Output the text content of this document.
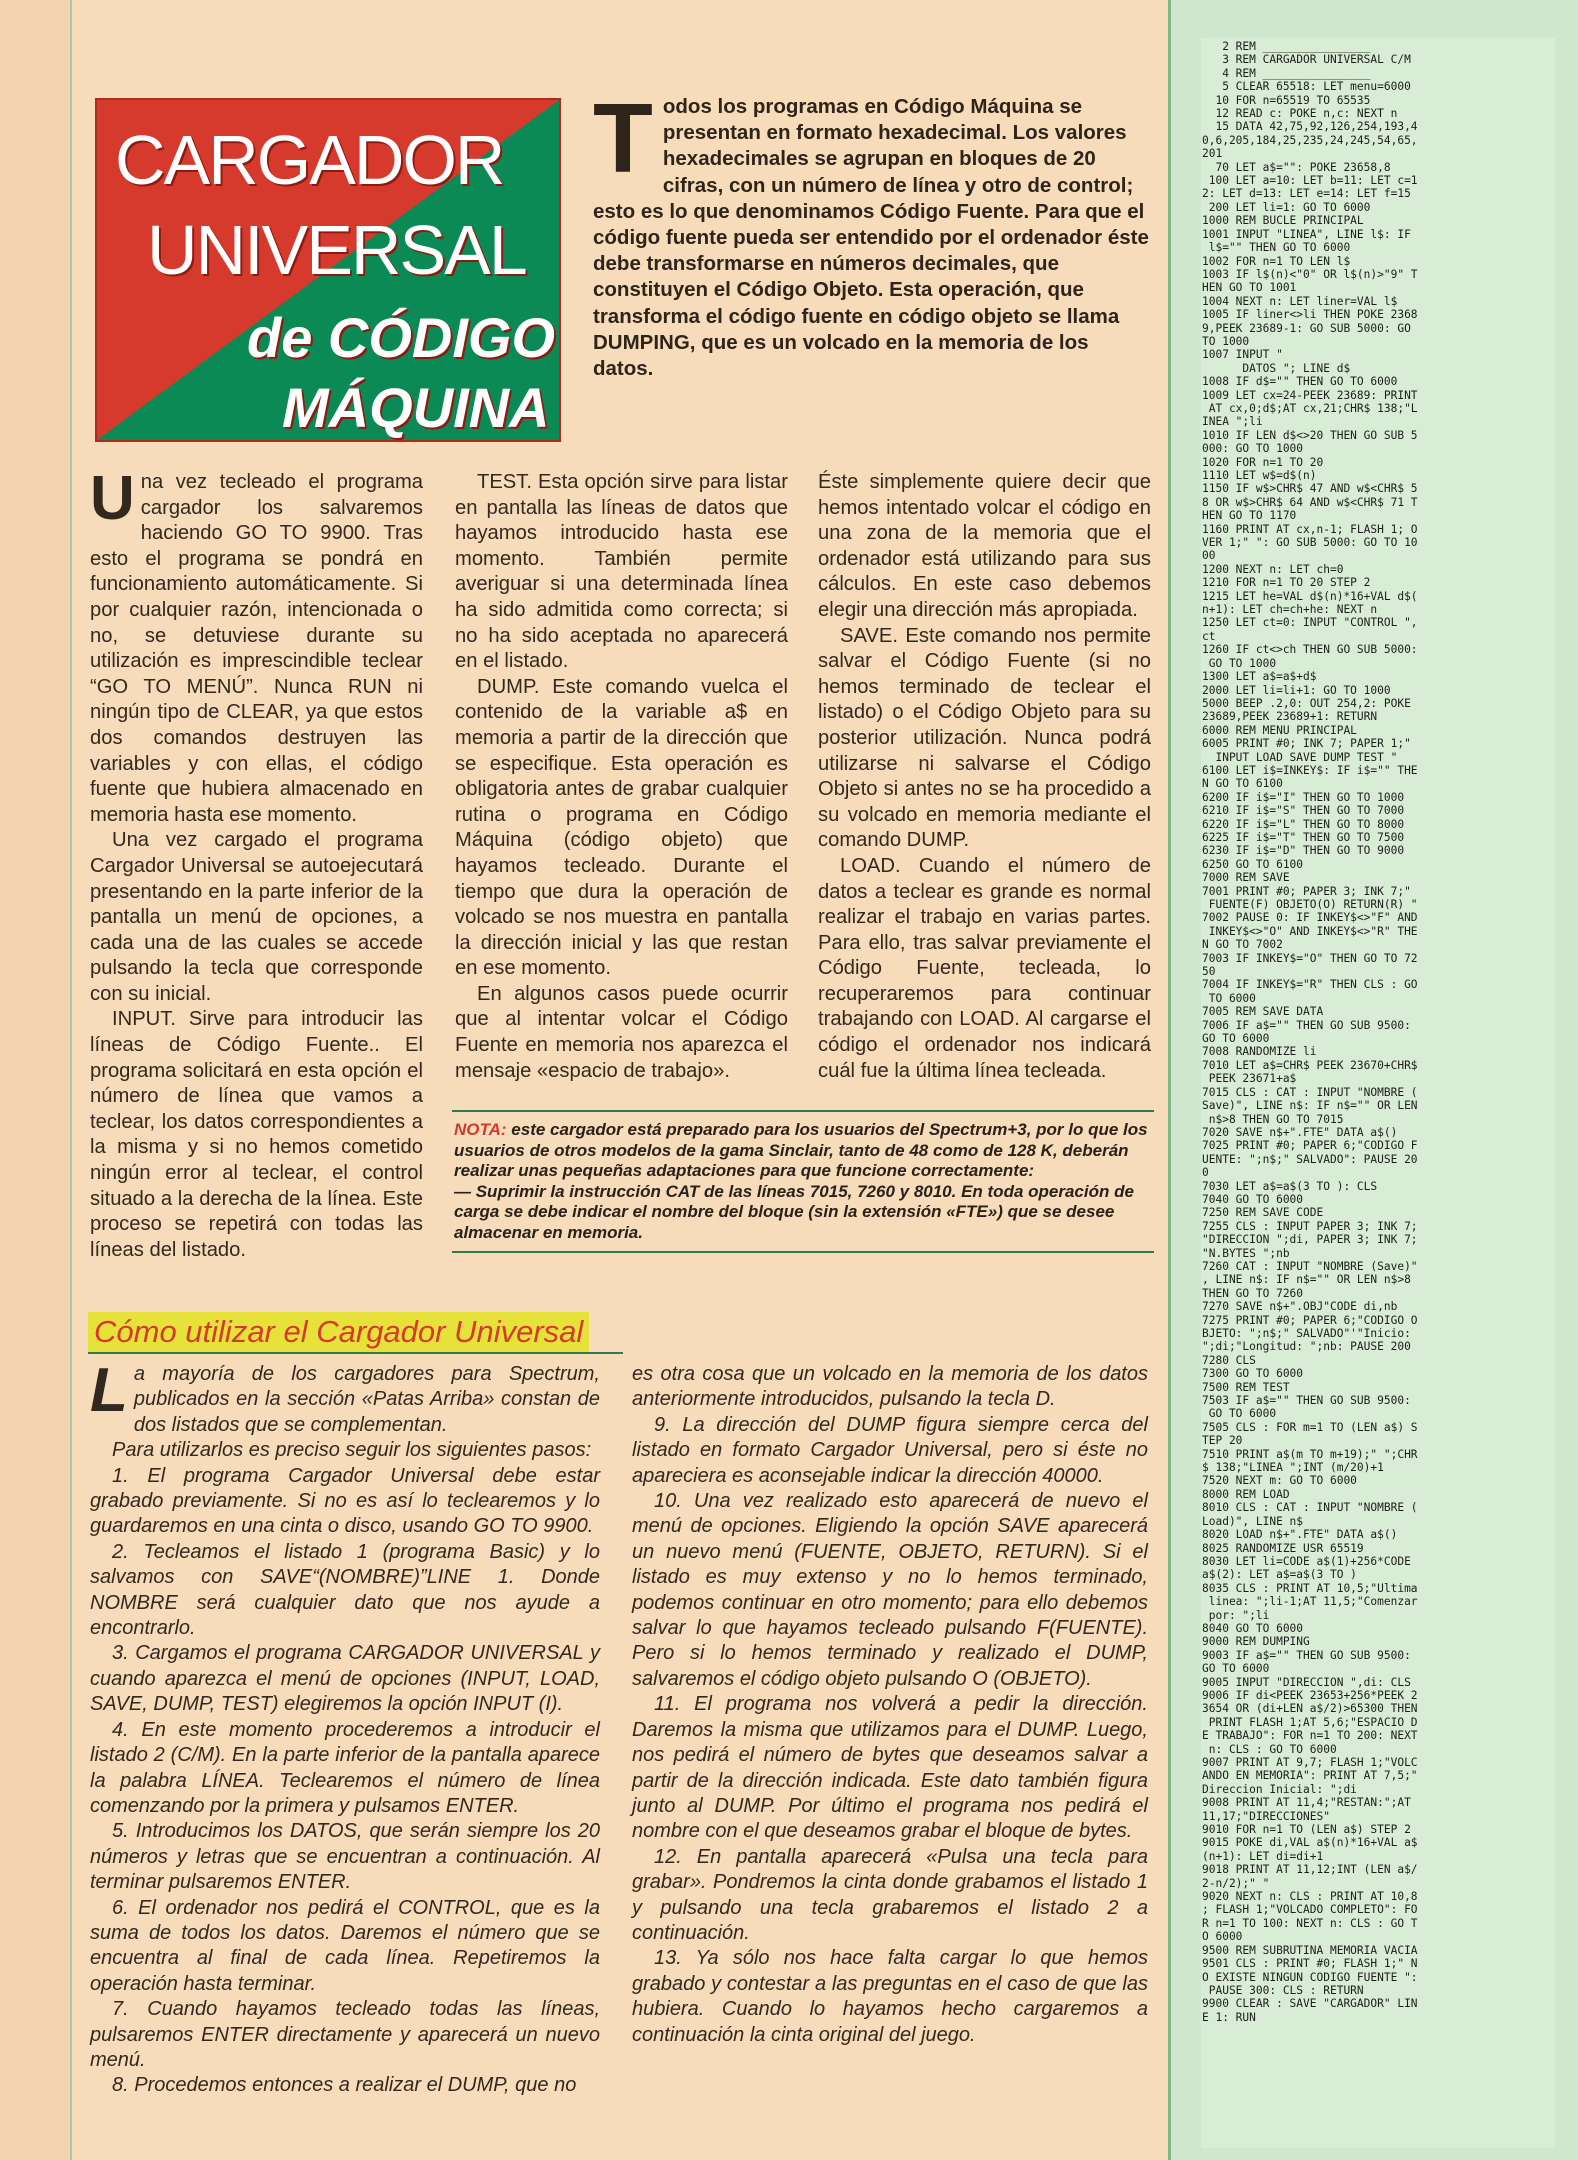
2 REM ________________
3 REM CARGADOR UNIVERSAL C/M
4 REM ________________
5 CLEAR 65518: LET menu=6000
10 FOR n=65519 TO 65535
12 READ c: POKE n,c: NEXT n
15 DATA 42,75,92,126,254,193,4
0,6,205,184,25,235,24,245,54,65,
201
70 LET a$="": POKE 23658,8
100 LET a=10: LET b=11: LET c=1
2: LET d=13: LET e=14: LET f=15
200 LET li=1: GO TO 6000
1000 REM BUCLE PRINCIPAL
1001 INPUT "LINEA", LINE l$: IF
l$="" THEN GO TO 6000
1002 FOR n=1 TO LEN l$
1003 IF l$(n)<"0" OR l$(n)>"9" T
HEN GO TO 1001
1004 NEXT n: LET liner=VAL l$
1005 IF liner<>li THEN POKE 2368
9,PEEK 23689-1: GO SUB 5000: GO
TO 1000
1007 INPUT "
DATOS "; LINE d$
1008 IF d$="" THEN GO TO 6000
1009 LET cx=24-PEEK 23689: PRINT
AT cx,0;d$;AT cx,21;CHR$ 138;"L
INEA ";li
1010 IF LEN d$<>20 THEN GO SUB 5
000: GO TO 1000
1020 FOR n=1 TO 20
1110 LET w$=d$(n)
1150 IF w$>CHR$ 47 AND w$<CHR$ 5
8 OR w$>CHR$ 64 AND w$<CHR$ 71 T
HEN GO TO 1170
1160 PRINT AT cx,n-1; FLASH 1; O
VER 1;" ": GO SUB 5000: GO TO 10
00
1200 NEXT n: LET ch=0
1210 FOR n=1 TO 20 STEP 2
1215 LET he=VAL d$(n)*16+VAL d$(
n+1): LET ch=ch+he: NEXT n
1250 LET ct=0: INPUT "CONTROL ",
ct
1260 IF ct<>ch THEN GO SUB 5000:
GO TO 1000
1300 LET a$=a$+d$
2000 LET li=li+1: GO TO 1000
5000 BEEP .2,0: OUT 254,2: POKE
23689,PEEK 23689+1: RETURN
6000 REM MENU PRINCIPAL
6005 PRINT #0; INK 7; PAPER 1;"
INPUT LOAD SAVE DUMP TEST "
6100 LET i$=INKEY$: IF i$="" THE
N GO TO 6100
6200 IF i$="I" THEN GO TO 1000
6210 IF i$="S" THEN GO TO 7000
6220 IF i$="L" THEN GO TO 8000
6225 IF i$="T" THEN GO TO 7500
6230 IF i$="D" THEN GO TO 9000
6250 GO TO 6100
7000 REM SAVE
7001 PRINT #0; PAPER 3; INK 7;"
FUENTE(F) OBJETO(O) RETURN(R) "
7002 PAUSE 0: IF INKEY$<>"F" AND
INKEY$<>"O" AND INKEY$<>"R" THE
N GO TO 7002
7003 IF INKEY$="O" THEN GO TO 72
50
7004 IF INKEY$="R" THEN CLS : GO
TO 6000
7005 REM SAVE DATA
7006 IF a$="" THEN GO SUB 9500:
GO TO 6000
7008 RANDOMIZE li
7010 LET a$=CHR$ PEEK 23670+CHR$
PEEK 23671+a$
7015 CLS : CAT : INPUT "NOMBRE (
Save)", LINE n$: IF n$="" OR LEN
n$>8 THEN GO TO 7015
7020 SAVE n$+".FTE" DATA a$()
7025 PRINT #0; PAPER 6;"CODIGO F
UENTE: ";n$;" SALVADO": PAUSE 20
0
7030 LET a$=a$(3 TO ): CLS
7040 GO TO 6000
7250 REM SAVE CODE
7255 CLS : INPUT PAPER 3; INK 7;
"DIRECCION ";di, PAPER 3; INK 7;
"N.BYTES ";nb
7260 CAT : INPUT "NOMBRE (Save)"
, LINE n$: IF n$="" OR LEN n$>8
THEN GO TO 7260
7270 SAVE n$+".OBJ"CODE di,nb
7275 PRINT #0; PAPER 6;"CODIGO O
BJETO: ";n$;" SALVADO"'"Inicio:
";di;"Longitud: ";nb: PAUSE 200
7280 CLS
7300 GO TO 6000
7500 REM TEST
7503 IF a$="" THEN GO SUB 9500:
GO TO 6000
7505 CLS : FOR m=1 TO (LEN a$) S
TEP 20
7510 PRINT a$(m TO m+19);" ";CHR
$ 138;"LINEA ";INT (m/20)+1
7520 NEXT m: GO TO 6000
8000 REM LOAD
8010 CLS : CAT : INPUT "NOMBRE (
Load)", LINE n$
8020 LOAD n$+".FTE" DATA a$()
8025 RANDOMIZE USR 65519
8030 LET li=CODE a$(1)+256*CODE
a$(2): LET a$=a$(3 TO )
8035 CLS : PRINT AT 10,5;"Ultima
linea: ";li-1;AT 11,5;"Comenzar
por: ";li
8040 GO TO 6000
9000 REM DUMPING
9003 IF a$="" THEN GO SUB 9500:
GO TO 6000
9005 INPUT "DIRECCION ",di: CLS
9006 IF di<PEEK 23653+256*PEEK 2
3654 OR (di+LEN a$/2)>65300 THEN
PRINT FLASH 1;AT 5,6;"ESPACIO D
E TRABAJO": FOR n=1 TO 200: NEXT
n: CLS : GO TO 6000
9007 PRINT AT 9,7; FLASH 1;"VOLC
ANDO EN MEMORIA": PRINT AT 7,5;"
Direccion Inicial: ";di
9008 PRINT AT 11,4;"RESTAN:";AT
11,17;"DIRECCIONES"
9010 FOR n=1 TO (LEN a$) STEP 2
9015 POKE di,VAL a$(n)*16+VAL a$
(n+1): LET di=di+1
9018 PRINT AT 11,12;INT (LEN a$/
2-n/2);" "
9020 NEXT n: CLS : PRINT AT 10,8
; FLASH 1;"VOLCADO COMPLETO": FO
R n=1 TO 100: NEXT n: CLS : GO T
O 6000
9500 REM SUBRUTINA MEMORIA VACIA
9501 CLS : PRINT #0; FLASH 1;" N
O EXISTE NINGUN CODIGO FUENTE ":
PAUSE 300: CLS : RETURN
9900 CLEAR : SAVE "CARGADOR" LIN
E 1: RUN
CARGADOR
UNIVERSAL
de CÓDIGO
MÁQUINA
T odos los programas en Código Máquina se presentan en formato hexadecimal. Los valores hexadecimales se agrupan en bloques de 20 cifras, con un número de línea y otro de control; esto es lo que denominamos Código Fuente. Para que el código fuente pueda ser entendido por el ordenador éste debe transformarse en números decimales, que constituyen el Código Objeto. Esta operación, que transforma el código fuente en código objeto se llama DUMPING, que es un volcado en la memoria de los datos.

Una vez tecleado el programa cargador los salvaremos haciendo GO TO 9900. Tras esto el programa se pondrá en funcionamiento automáticamente. Si por cualquier razón, intencionada o no, se detuviese durante su utilización es imprescindible teclear “GO TO MENÚ”. Nunca RUN ni ningún tipo de CLEAR, ya que estos dos comandos destruyen las variables y con ellas, el código fuente que hubiera almacenado en memoria hasta ese momento.

Una vez cargado el programa Cargador Universal se autoejecutará presentando en la parte inferior de la pantalla un menú de opciones, a cada una de las cuales se accede pulsando la tecla que corresponde con su inicial.

INPUT. Sirve para introducir las líneas de Código Fuente.. El programa solicitará en esta opción el número de línea que vamos a teclear, los datos correspondientes a la misma y si no hemos cometido ningún error al teclear, el control situado a la derecha de la línea. Este proceso se repetirá con todas las líneas del listado.

TEST. Esta opción sirve para listar en pantalla las líneas de datos que hayamos introducido hasta ese momento. También permite averiguar si una determinada línea ha sido admitida como correcta; si no ha sido aceptada no aparecerá en el listado.

DUMP. Este comando vuelca el contenido de la variable a$ en memoria a partir de la dirección que se especifique. Esta operación es obligatoria antes de grabar cualquier rutina o programa en Código Máquina (código objeto) que hayamos tecleado. Durante el tiempo que dura la operación de volcado se nos muestra en pantalla la dirección inicial y las que restan en ese momento.

En algunos casos puede ocurrir que al intentar volcar el Código Fuente en memoria nos aparezca el mensaje «espacio de trabajo».

Éste simplemente quiere decir que hemos intentado volcar el código en una zona de la memoria que el ordenador está utilizando para sus cálculos. En este caso debemos elegir una dirección más apropiada.

SAVE. Este comando nos permite salvar el Código Fuente (si no hemos terminado de teclear el listado) o el Código Objeto para su posterior utilización. Nunca podrá utilizarse ni salvarse el Código Objeto si antes no se ha procedido a su volcado en memoria mediante el comando DUMP.

LOAD. Cuando el número de datos a teclear es grande es normal realizar el trabajo en varias partes. Para ello, tras salvar previamente el Código Fuente, tecleada, lo recuperaremos para continuar trabajando con LOAD. Al cargarse el código el ordenador nos indicará cuál fue la última línea tecleada.

NOTA: este cargador está preparado para los usuarios del Spectrum+3, por lo que los usuarios de otros modelos de la gama Sinclair, tanto de 48 como de 128 K, deberán realizar unas pequeñas adaptaciones para que funcione correctamente:
— Suprimir la instrucción CAT de las líneas 7015, 7260 y 8010. En toda operación de carga se debe indicar el nombre del bloque (sin la extensión «FTE») que se desee almacenar en memoria.
Cómo utilizar el Cargador Universal

La mayoría de los cargadores para Spectrum, publicados en la sección «Patas Arriba» constan de dos listados que se complementan.

Para utilizarlos es preciso seguir los siguientes pasos:

1. El programa Cargador Universal debe estar grabado previamente. Si no es así lo teclearemos y lo guardaremos en una cinta o disco, usando GO TO 9900.

2. Tecleamos el listado 1 (programa Basic) y lo salvamos con SAVE“(NOMBRE)”LINE 1. Donde NOMBRE será cualquier dato que nos ayude a encontrarlo.

3. Cargamos el programa CARGADOR UNIVERSAL y cuando aparezca el menú de opciones (INPUT, LOAD, SAVE, DUMP, TEST) elegiremos la opción INPUT (I).

4. En este momento procederemos a introducir el listado 2 (C/M). En la parte inferior de la pantalla aparece la palabra LÍNEA. Teclearemos el número de línea comenzando por la primera y pulsamos ENTER.

5. Introducimos los DATOS, que serán siempre los 20 números y letras que se encuentran a continuación. Al terminar pulsaremos ENTER.

6. El ordenador nos pedirá el CONTROL, que es la suma de todos los datos. Daremos el número que se encuentra al final de cada línea. Repetiremos la operación hasta terminar.

7. Cuando hayamos tecleado todas las líneas, pulsaremos ENTER directamente y aparecerá un nuevo menú.

8. Procedemos entonces a realizar el DUMP, que no

es otra cosa que un volcado en la memoria de los datos anteriormente introducidos, pulsando la tecla D.

9. La dirección del DUMP figura siempre cerca del listado en formato Cargador Universal, pero si éste no apareciera es aconsejable indicar la dirección 40000.

10. Una vez realizado esto aparecerá de nuevo el menú de opciones. Eligiendo la opción SAVE aparecerá un nuevo menú (FUENTE, OBJETO, RETURN). Si el listado es muy extenso y no lo hemos terminado, podemos continuar en otro momento; para ello debemos salvar lo que hayamos tecleado pulsando F(FUENTE). Pero si lo hemos terminado y realizado el DUMP, salvaremos el código objeto pulsando O (OBJETO).

11. El programa nos volverá a pedir la dirección. Daremos la misma que utilizamos para el DUMP. Luego, nos pedirá el número de bytes que deseamos salvar a partir de la dirección indicada. Este dato también figura junto al DUMP. Por último el programa nos pedirá el nombre con el que deseamos grabar el bloque de bytes.

12. En pantalla aparecerá «Pulsa una tecla para grabar». Pondremos la cinta donde grabamos el listado 1 y pulsando una tecla grabaremos el listado 2 a continuación.

13. Ya sólo nos hace falta cargar lo que hemos grabado y contestar a las preguntas en el caso de que las hubiera. Cuando lo hayamos hecho cargaremos a continuación la cinta original del juego.
